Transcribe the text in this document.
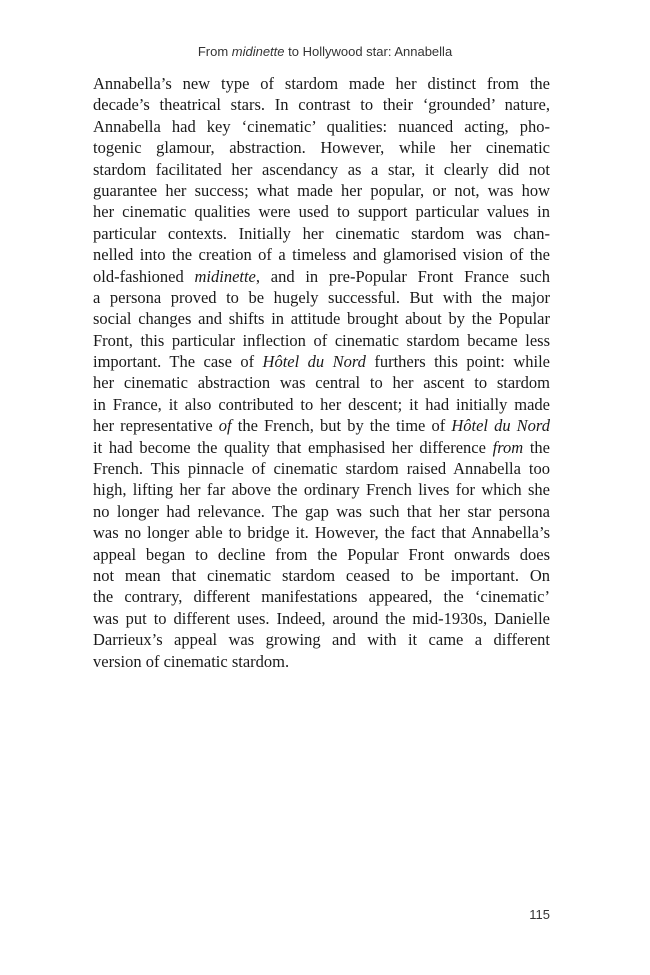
From midinette to Hollywood star: Annabella
Annabella’s new type of stardom made her distinct from the
decade’s theatrical stars. In contrast to their ‘grounded’ nature,
Annabella had key ‘cinematic’ qualities: nuanced acting, pho-
togenic glamour, abstraction. However, while her cinematic
stardom facilitated her ascendancy as a star, it clearly did not
guarantee her success; what made her popular, or not, was how
her cinematic qualities were used to support particular values in
particular contexts. Initially her cinematic stardom was chan-
nelled into the creation of a timeless and glamorised vision of the
old-fashioned midinette, and in pre-Popular Front France such
a persona proved to be hugely successful. But with the major
social changes and shifts in attitude brought about by the Popular
Front, this particular inflection of cinematic stardom became less
important. The case of Hôtel du Nord furthers this point: while
her cinematic abstraction was central to her ascent to stardom
in France, it also contributed to her descent; it had initially made
her representative of the French, but by the time of Hôtel du Nord
it had become the quality that emphasised her difference from the
French. This pinnacle of cinematic stardom raised Annabella too
high, lifting her far above the ordinary French lives for which she
no longer had relevance. The gap was such that her star persona
was no longer able to bridge it. However, the fact that Annabella’s
appeal began to decline from the Popular Front onwards does
not mean that cinematic stardom ceased to be important. On
the contrary, different manifestations appeared, the ‘cinematic’
was put to different uses. Indeed, around the mid-1930s, Danielle
Darrieux’s appeal was growing and with it came a different
version of cinematic stardom.
115
